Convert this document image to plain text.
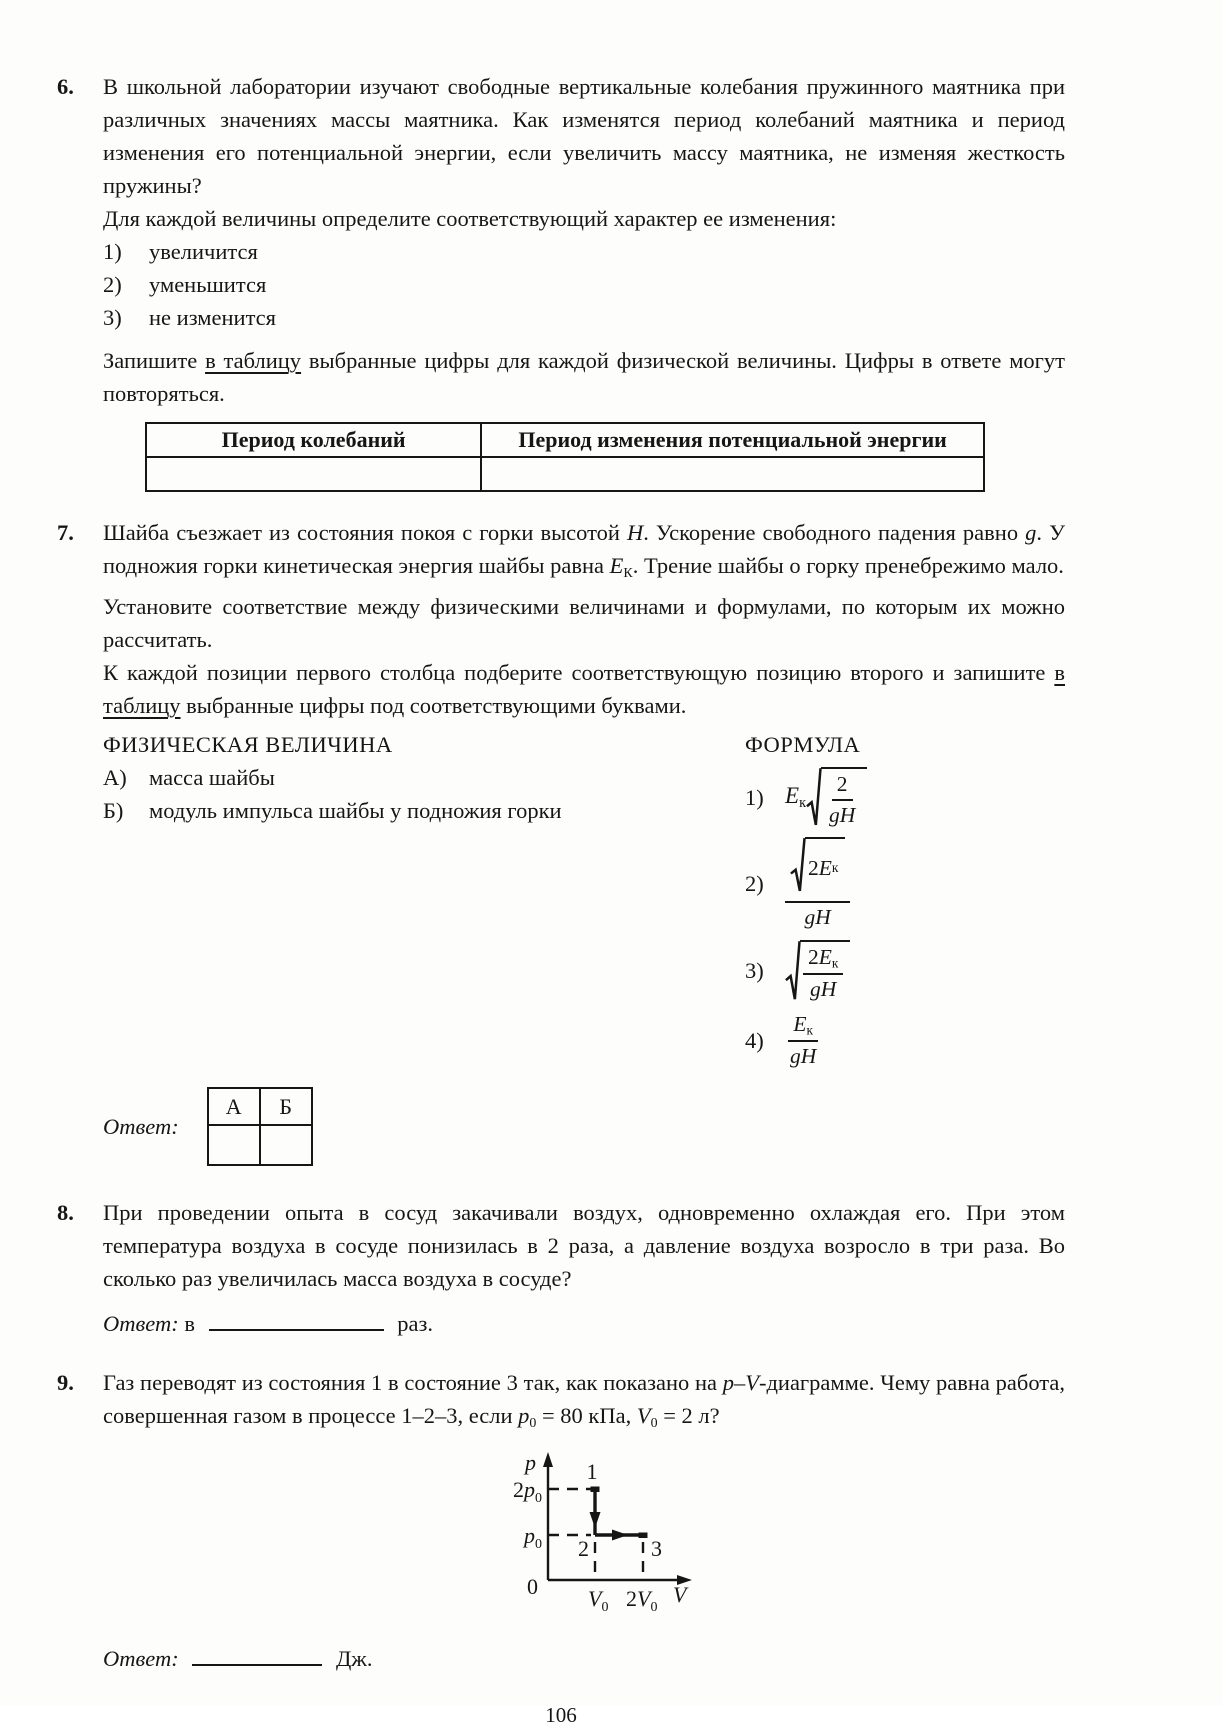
6.	В школьной лаборатории изучают свободные вертикальные колебания пружинного маятника при различных значениях массы маятника. Как изменятся период колебаний маятника и период изменения его потенциальной энергии, если увеличить массу маятника, не изменяя жесткость пружины?
Для каждой величины определите соответствующий характер ее изменения:
1)	увеличится
2)	уменьшится
3)	не изменится
Запишите в таблицу выбранные цифры для каждой физической величины. Цифры в ответе могут повторяться.
Период колебаний	Период изменения потенциальной энергии

7.	Шайба съезжает из состояния покоя с горки высотой H. Ускорение свободного падения равно g. У подножия горки кинетическая энергия шайбы равна EК. Трение шайбы о горку пренебрежимо мало.
Установите соответствие между физическими величинами и формулами, по которым их можно рассчитать.
К каждой позиции первого столбца подберите соответствующую позицию второго и запишите в таблицу выбранные цифры под соответствующими буквами.
ФИЗИЧЕСКАЯ ВЕЛИЧИНА
А) масса шайбы
Б)	модуль импульса шайбы у подножия горки
ФОРМУЛА
1) Eк $\frac{2}{gH}$
$2) \frac{\text{2 E к}}{gH}$
3)	$\frac{2Eк}{gH}$
$4) \frac{Eк}{gH}$
Ответ:
А	Б

8.	При проведении опыта в сосуд закачивали воздух, одновременно охлаждая его. При этом температура воздуха в сосуде понизилась в 2 раза, а давление воздуха возросло в три раза. Во сколько раз увеличилась масса воздуха в сосуде?
Ответ: в	раз.
9.	Газ переводят из состояния 1 в состояние 3 так, как показано на p–V-диаграмме. Чему равна работа, совершенная газом в процессе 1–2–3, если p0 = 80 кПа, V0 = 2 л?
p
0
$2p_0$
$p_0$
1
2	3
$V_0$ $2V_0$
V
Ответ:	Дж.
106
